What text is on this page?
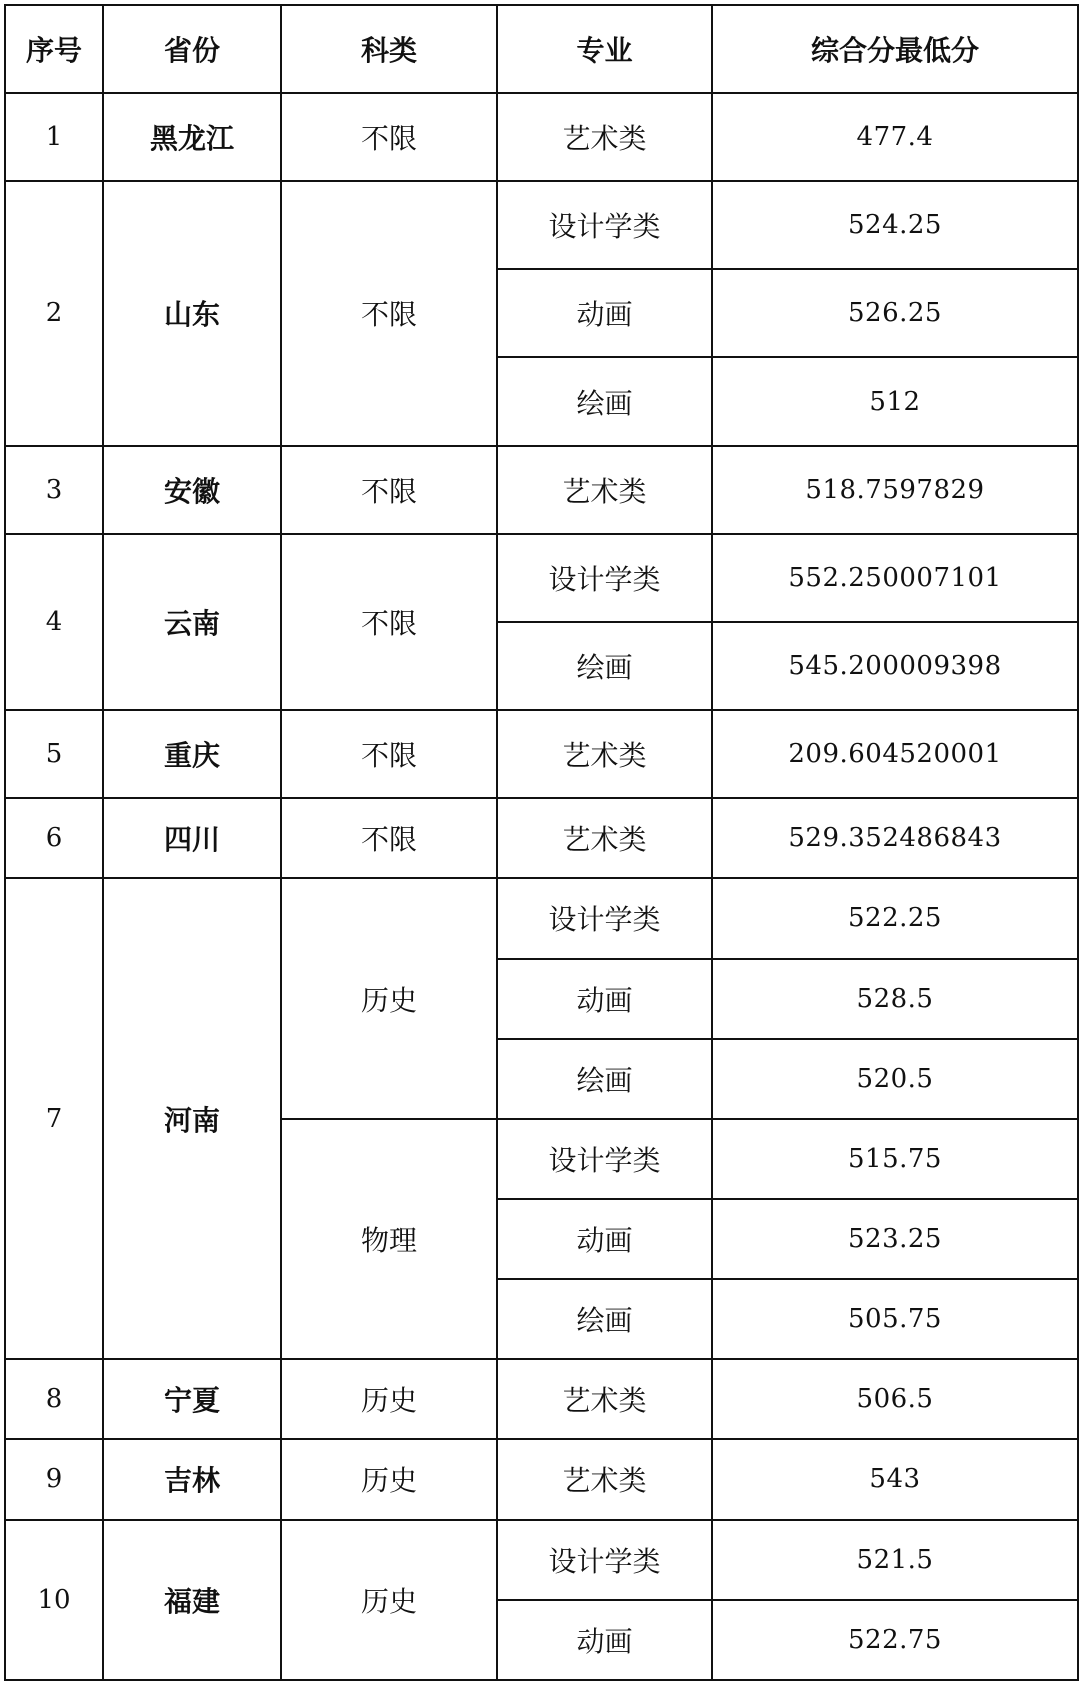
序号	省份	科类	专业	综合分最低分
1	黑龙江	不限	艺术类	477.4
2	山东	不限	设计学类	524.25
			动画	526.25
			绘画	512
3	安徽	不限	艺术类	518.7597829
4	云南	不限	设计学类	552.250007101
			绘画	545.200009398
5	重庆	不限	艺术类	209.604520001
6	四川	不限	艺术类	529.352486843
7	河南	历史	设计学类	522.25
			动画	528.5
			绘画	520.5
		物理	设计学类	515.75
			动画	523.25
			绘画	505.75
8	宁夏	历史	艺术类	506.5
9	吉林	历史	艺术类	543
10	福建	历史	设计学类	521.5
			动画	522.75
